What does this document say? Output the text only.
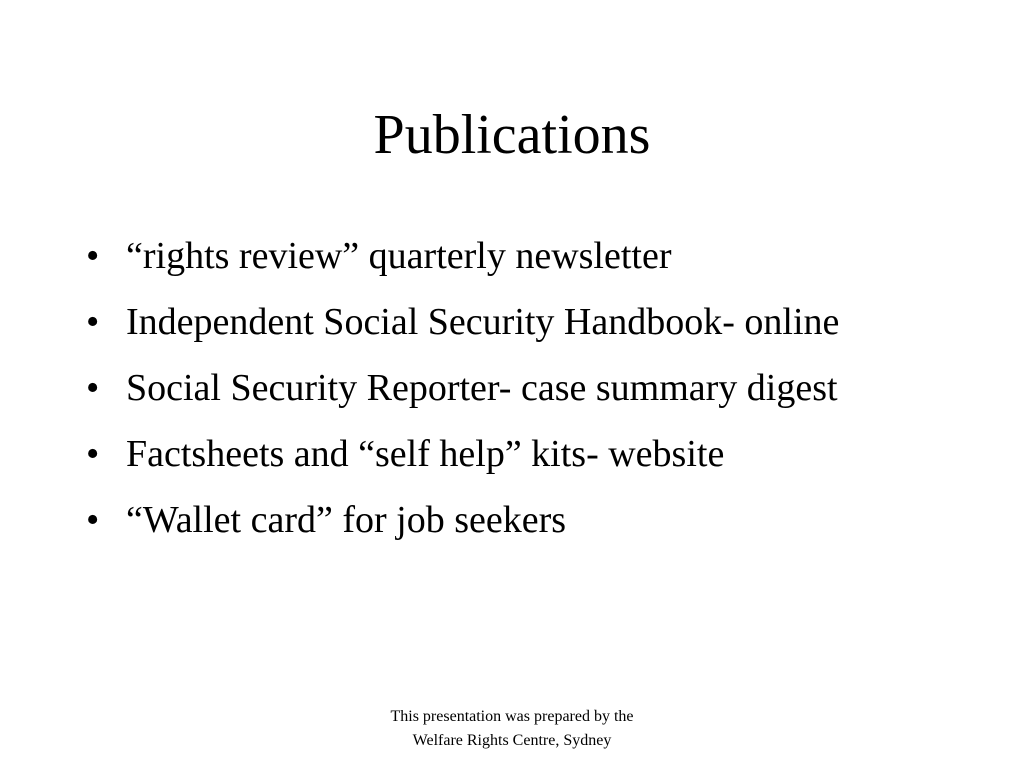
Publications
• “rights review” quarterly newsletter
• Independent Social Security Handbook- online
• Social Security Reporter- case summary digest
• Factsheets and “self help” kits- website
• “Wallet card” for job seekers
This presentation was prepared by the
Welfare Rights Centre, Sydney
